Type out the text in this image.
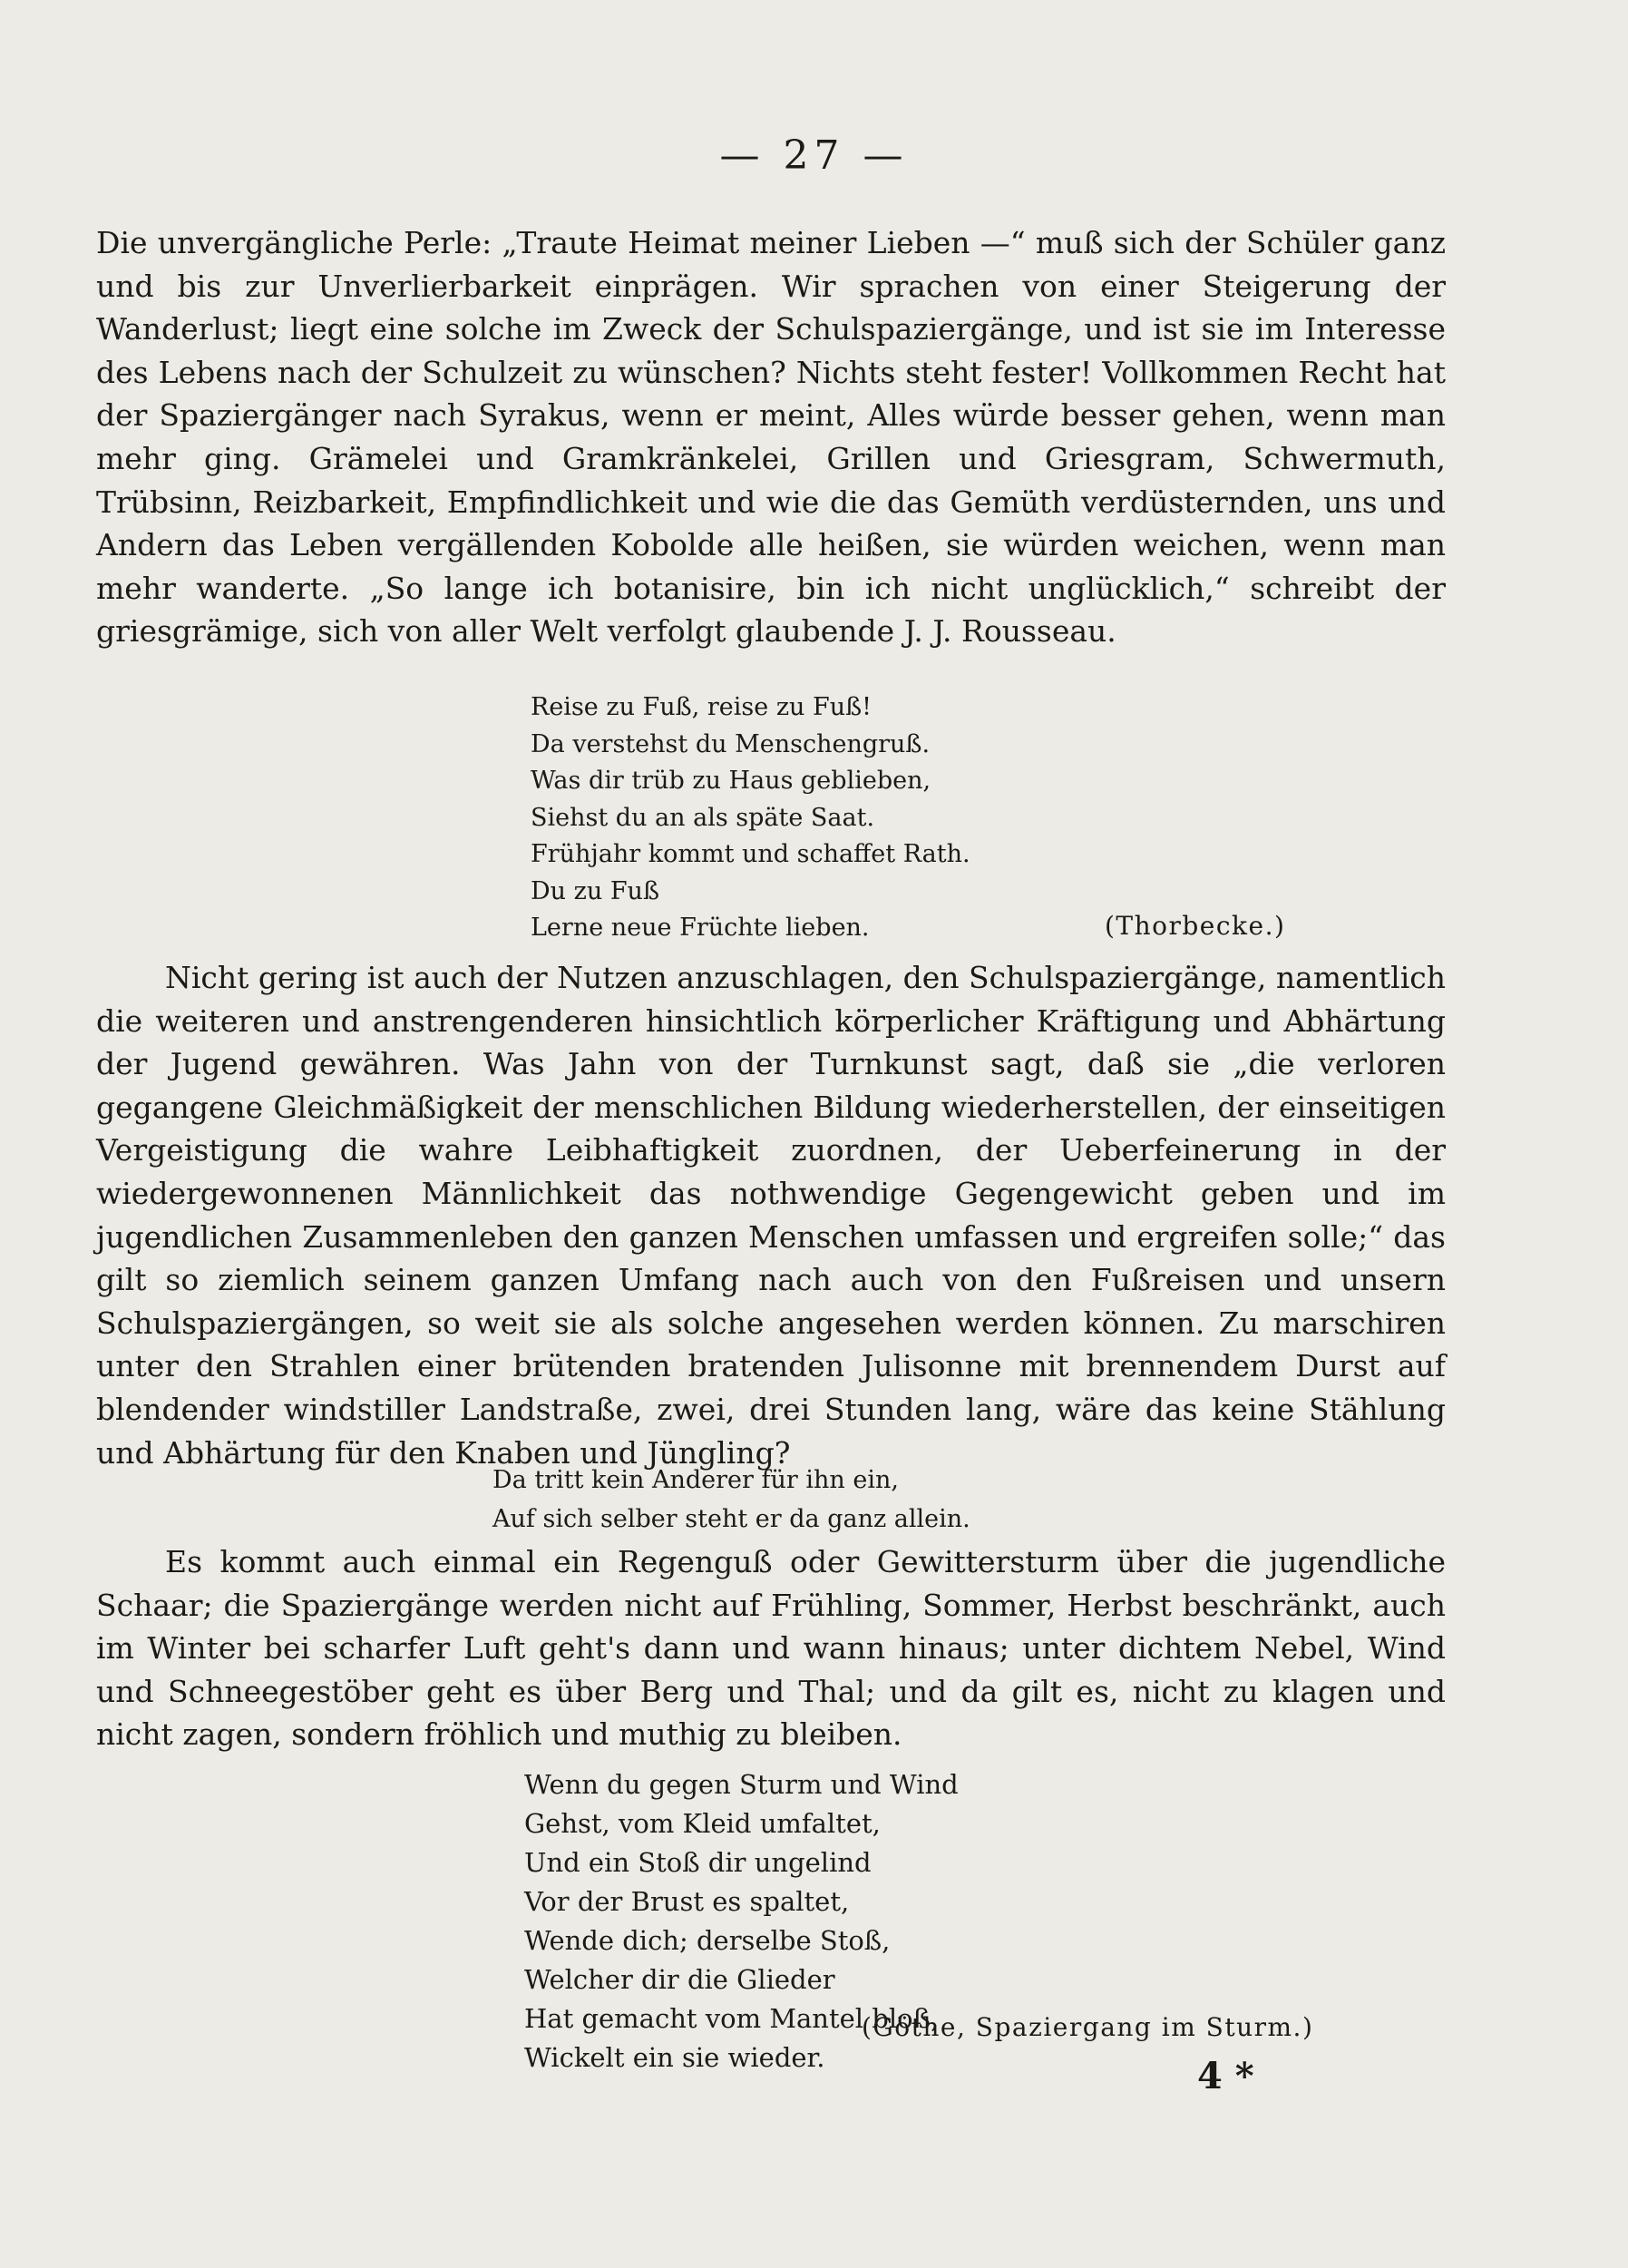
— 27 —

Die unvergängliche Perle: „Traute Heimat meiner Lieben —“ muß sich der Schüler ganz und bis zur Unverlierbarkeit einprägen. Wir sprachen von einer Steigerung der Wanderlust; liegt eine solche im Zweck der Schulspaziergänge, und ist sie im Interesse des Lebens nach der Schulzeit zu wünschen? Nichts steht fester! Vollkommen Recht hat der Spaziergänger nach Syrakus, wenn er meint, Alles würde besser gehen, wenn man mehr ging. Grämelei und Gramkränkelei, Grillen und Griesgram, Schwermuth, Trübsinn, Reizbarkeit, Empfindlichkeit und wie die das Gemüth verdüsternden, uns und Andern das Leben vergällenden Kobolde alle heißen, sie würden weichen, wenn man mehr wanderte. „So lange ich botanisire, bin ich nicht unglücklich,“ schreibt der griesgrämige, sich von aller Welt verfolgt glaubende J. J. Rousseau.

Reise zu Fuß, reise zu Fuß!
Da verstehst du Menschengruß.
Was dir trüb zu Haus geblieben,
Siehst du an als späte Saat.
Frühjahr kommt und schaffet Rath.
Du zu Fuß
Lerne neue Früchte lieben.	(Thorbecke.)

Nicht gering ist auch der Nutzen anzuschlagen, den Schulspaziergänge, namentlich die weiteren und anstrengenderen hinsichtlich körperlicher Kräftigung und Abhärtung der Jugend gewähren. Was Jahn von der Turnkunst sagt, daß sie „die verloren gegangene Gleichmäßigkeit der menschlichen Bildung wiederherstellen, der einseitigen Vergeistigung die wahre Leibhaftigkeit zuordnen, der Ueberfeinerung in der wiedergewonnenen Männlichkeit das nothwendige Gegengewicht geben und im jugendlichen Zusammenleben den ganzen Menschen umfassen und ergreifen solle;“ das gilt so ziemlich seinem ganzen Umfang nach auch von den Fußreisen und unsern Schulspaziergängen, so weit sie als solche angesehen werden können. Zu marschiren unter den Strahlen einer brütenden bratenden Julisonne mit brennendem Durst auf blendender windstiller Landstraße, zwei, drei Stunden lang, wäre das keine Stählung und Abhärtung für den Knaben und Jüngling?

Da tritt kein Anderer für ihn ein,
Auf sich selber steht er da ganz allein.

Es kommt auch einmal ein Regenguß oder Gewittersturm über die jugendliche Schaar; die Spaziergänge werden nicht auf Frühling, Sommer, Herbst beschränkt, auch im Winter bei scharfer Luft geht's dann und wann hinaus; unter dichtem Nebel, Wind und Schneegestöber geht es über Berg und Thal; und da gilt es, nicht zu klagen und nicht zagen, sondern fröhlich und muthig zu bleiben.

Wenn du gegen Sturm und Wind
Gehst, vom Kleid umfaltet,
Und ein Stoß dir ungelind
Vor der Brust es spaltet,
Wende dich; derselbe Stoß,
Welcher dir die Glieder
Hat gemacht vom Mantel bloß,
Wickelt ein sie wieder.
(Göthe, Spaziergang im Sturm.)
4 *
